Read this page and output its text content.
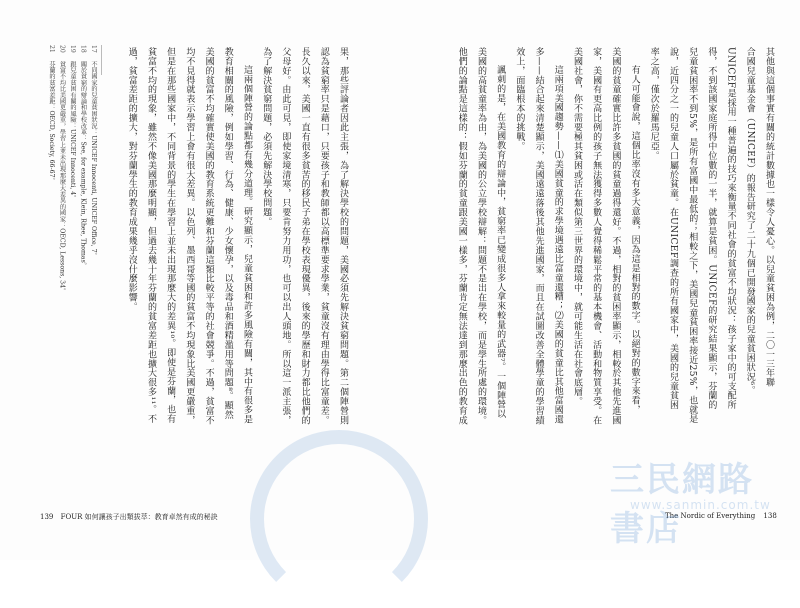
其他與這個事實有關的統計數據也一樣令人憂心。以兒童貧困為例，二〇一三年聯
合國兒童基金會（UNICEF）的報告研究了二十九個已開發國家的兒童貧困狀況⁶。
UNICEF是採用一種普遍的技巧來衡量不同社會的貧富不均狀況：孩子家中的可支配所
得，不到該國家庭所得中位數的一半，就算是貧困。UNICEF的研究結果顯示，芬蘭的
兒童貧困率不到5%，是所有富國中最低的；相較之下，美國兒童貧困率接近25%，也就是
說，近四分之一的兒童人口屬於貧童。在UNICEF調查的所有國家中，美國的兒童貧困
率之高，僅次於羅馬尼亞。
有人可能會說，這個比率沒有多大意義，因為這是相對的數字。以絕對的數字來看，
美國的貧童確實比許多貧國的貧童過得還好。不過，相對的貧困率顯示，相較於其他先進國
家，美國有更高比例的孩子無法獲得多數人覺得稀鬆平常的基本機會、活動和物質享受。在
美國社會，你不需要極其貧困或活在類似第三世界的環境中，就可能生活在社會底層。
這兩項美國趨勢——⑴美國貧童的求學境遇遠比富童還糟；⑵美國的貧童比其他富國還
多——結合起來清楚顯示，美國遠遠落後其他先進國家，而且在試圖改善全體學童的學習績
效上，面臨根本的挑戰。
諷刺的是，在美國教育的辯論中，貧窮率已變成很多人拿來較量的武器⁷。一個陣營以
美國的高貧童率為由，為美國的公立學校辯解：問題不是出在學校，而是學生所處的環境。
他們的論點是這樣的：假如芬蘭的貧童跟美國一樣多，芬蘭肯定無法達到那麼出色的教育成
果，那些評論者因此主張，為了解決學校的問題，美國必須先解決貧窮問題。第二個陣營則
認為貧窮率只是藉口，只要孩子和教師都以高標準要求學業，貧童沒有理由學得比富童差。
長久以來，美國一直有很多貧苦的移民子弟在學校表現優異，後來的學歷和財力都比他們的
父母好。由此可見，即使家境清寒，只要肯努力用功，也可以出人頭地。所以這一派主張，
為了解決貧窮問題，必須先解決學校問題。
這兩個陣營的論點都有幾分道理。研究顯示，兒童貧困和許多風險有關，其中有很多是
教育相關的風險，例如學習、行為、健康、少女懷孕，以及毒品和酒精濫用等問題⁸。顯然
美國的貧富不均確實使美國的教育系統更難和芬蘭這類比較平等的社會競爭。不過，貧富不
均不見得就表示學習上會有很大差異。以色列、墨西哥等國的貧富不均現象比美國更嚴重，
但是在那些國家中，不同背景的學生在學習上並未出現那麼大的差異¹⁰。即使是芬蘭，也有
貧富不均的現象，雖然不像美國那麼明顯，但過去幾十年芬蘭的貧富差距也擴大很多¹¹。不
過，貧富差距的擴大，對芬蘭學生的教育成果幾乎沒什麼影響。
17 不同國家的兒童貧困狀況：UNICEF Innocenti, UNICEF Office, 7。
18 關於貧窮的辯論和學校改革：See, for example, Klein, Rhee, Thomas。
19 跟兒童貧困有關的風險：UNICEF Innocenti, 4。
20 貧富不均比美國更嚴重，學習上並未出現那麼大差異的國家：OECD, Lessons, 34。
21 芬蘭的貧富差距：OECD, Society, 66-67。
139 FOUR 如何讓孩子出類拔萃：教育卓然有成的秘訣	The Nordic of Everything 138
三民網路書店
www.sanmin.com.tw
